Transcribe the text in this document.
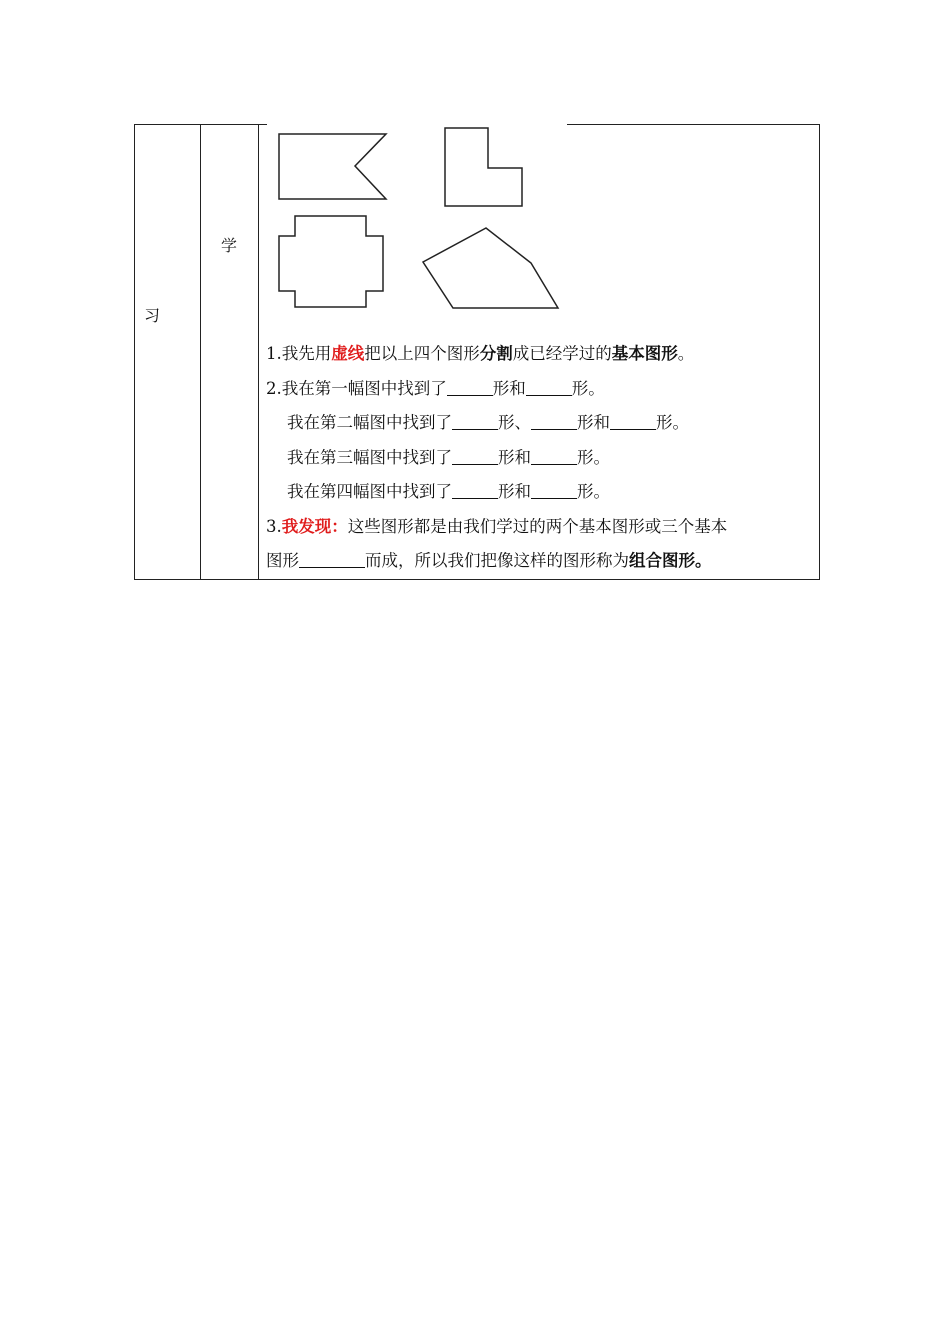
习
学
1.我先用虚线把以上四个图形分割成已经学过的基本图形。
2.我在第一幅图中找到了	形和	形。
我在第二幅图中找到了	形、	形和	形。
我在第三幅图中找到了	形和	形。
我在第四幅图中找到了	形和	形。
3.我发现：这些图形都是由我们学过的两个基本图形或三个基本
图形	而成，所以我们把像这样的图形称为组合图形。
